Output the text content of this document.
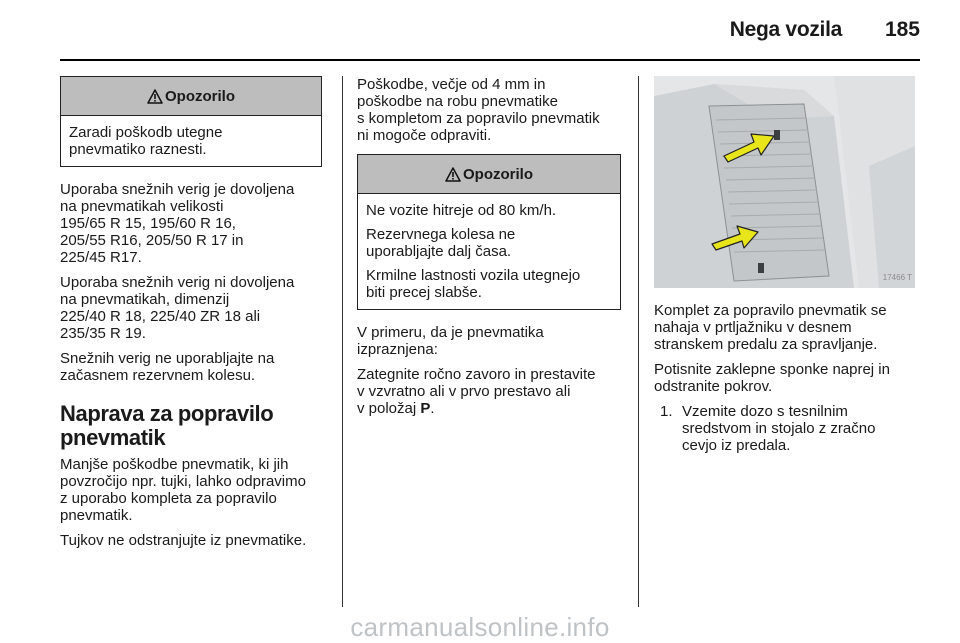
Nega vozila 185
Opozorilo

Zaradi poškodb utegne
pnevmatiko raznesti.

Uporaba snežnih verig je dovoljena
na pnevmatikah velikosti
195/65 R 15, 195/60 R 16,
205/55 R16, 205/50 R 17 in
225/45 R17.

Uporaba snežnih verig ni dovoljena
na pnevmatikah, dimenzij
225/40 R 18, 225/40 ZR 18 ali
235/35 R 19.

Snežnih verig ne uporabljajte na
začasnem rezervnem kolesu.

Naprava za popravilo
pnevmatik

Manjše poškodbe pnevmatik, ki jih
povzročijo npr. tujki, lahko odpravimo
z uporabo kompleta za popravilo
pnevmatik.

Tujkov ne odstranjujte iz pnevmatike.

Poškodbe, večje od 4 mm in
poškodbe na robu pnevmatike
s kompletom za popravilo pnevmatik
ni mogoče odpraviti.

Opozorilo

Ne vozite hitreje od 80 km/h.

Rezervnega kolesa ne
uporabljajte dalj časa.

Krmilne lastnosti vozila utegnejo
biti precej slabše.

V primeru, da je pnevmatika
izpraznjena:

Zategnite ročno zavoro in prestavite
v vzvratno ali v prvo prestavo ali
v položaj P.

17466 T

Komplet za popravilo pnevmatik se
nahaja v prtljažniku v desnem
stranskem predalu za spravljanje.

Potisnite zaklepne sponke naprej in
odstranite pokrov.

1. Vzemite dozo s tesnilnim
sredstvom in stojalo z zračno
cevjo iz predala.
carmanualsonline.info
